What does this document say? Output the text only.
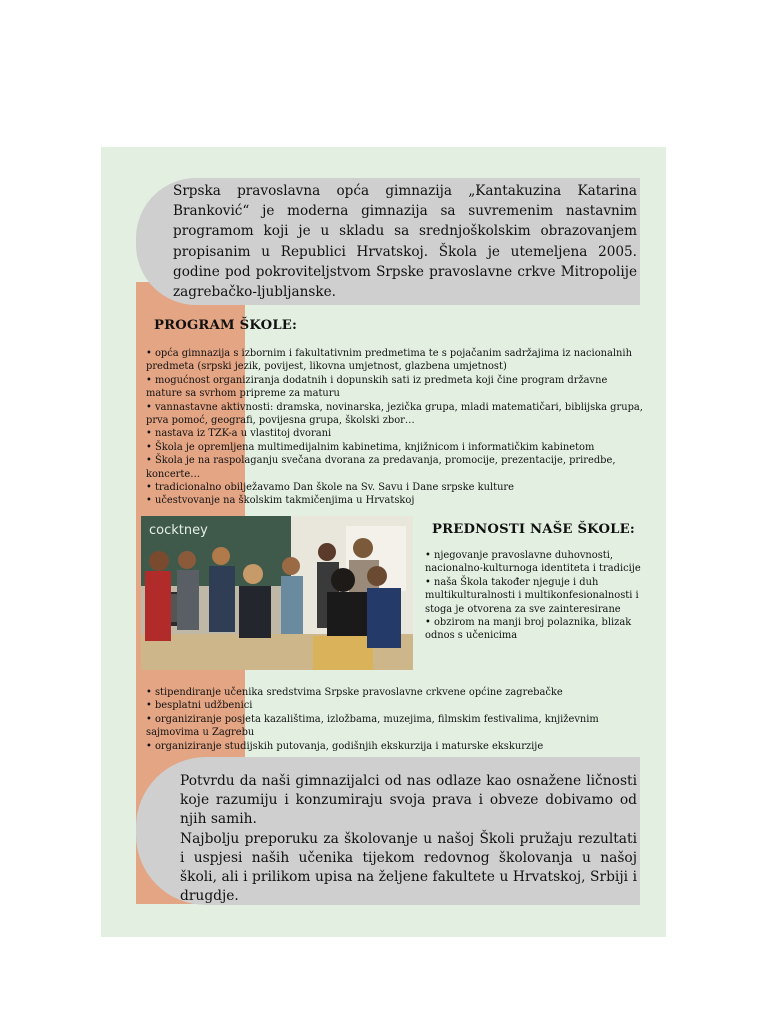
Srpska pravoslavna opća gimnazija „Kantakuzina Katarina Branković“ je moderna gimnazija sa suvremenim nastavnim programom koji je u skladu sa srednjoškolskim obrazovanjem propisanim u Republici Hrvatskoj. Škola je utemeljena 2005. godine pod pokroviteljstvom Srpske pravoslavne crkve Mitropolije zagrebačko-ljubljanske.

PROGRAM ŠKOLE:
• opća gimnazija s izbornim i fakultativnim predmetima te s pojačanim sadržajima iz nacionalnih predmeta (srpski jezik, povijest, likovna umjetnost, glazbena umjetnost)
• mogućnost organiziranja dodatnih i dopunskih sati iz predmeta koji čine program državne mature sa svrhom pripreme za maturu
• vannastavne aktivnosti: dramska, novinarska, jezička grupa, mladi matematičari, biblijska grupa, prva pomoć, geografi, povijesna grupa, školski zbor…
• nastava iz TZK-a u vlastitoj dvorani
• Škola je opremljena multimedijalnim kabinetima, knjižnicom i informatičkim kabinetom
• Škola je na raspolaganju svečana dvorana za predavanja, promocije, prezentacije, priredbe, koncerte…
• tradicionalno obilježavamo Dan škole na Sv. Savu i Dane srpske kulture
• učestvovanje na školskim takmičenjima u Hrvatskoj
cocktney	PREDNOSTI NAŠE ŠKOLE:
• njegovanje pravoslavne duhovnosti, nacionalno-kulturnoga identiteta i tradicije
• naša Škola također njeguje i duh multikulturalnosti i multikonfesionalnosti i stoga je otvorena za sve zainteresirane
• obzirom na manji broj polaznika, blizak odnos s učenicima
• stipendiranje učenika sredstvima Srpske pravoslavne crkvene općine zagrebačke
• besplatni udžbenici
• organiziranje posjeta kazalištima, izložbama, muzejima, filmskim festivalima, književnim sajmovima u Zagrebu
• organiziranje studijskih putovanja, godišnjih ekskurzija i maturske ekskurzije
Potvrdu da naši gimnazijalci od nas odlaze kao osnažene ličnosti koje razumiju i konzumiraju svoja prava i obveze dobivamo od njih samih.
Najbolju preporuku za školovanje u našoj Školi pružaju rezultati i uspjesi naših učenika tijekom redovnog školovanja u našoj školi, ali i prilikom upisa na željene fakultete u Hrvatskoj, Srbiji i drugdje.
